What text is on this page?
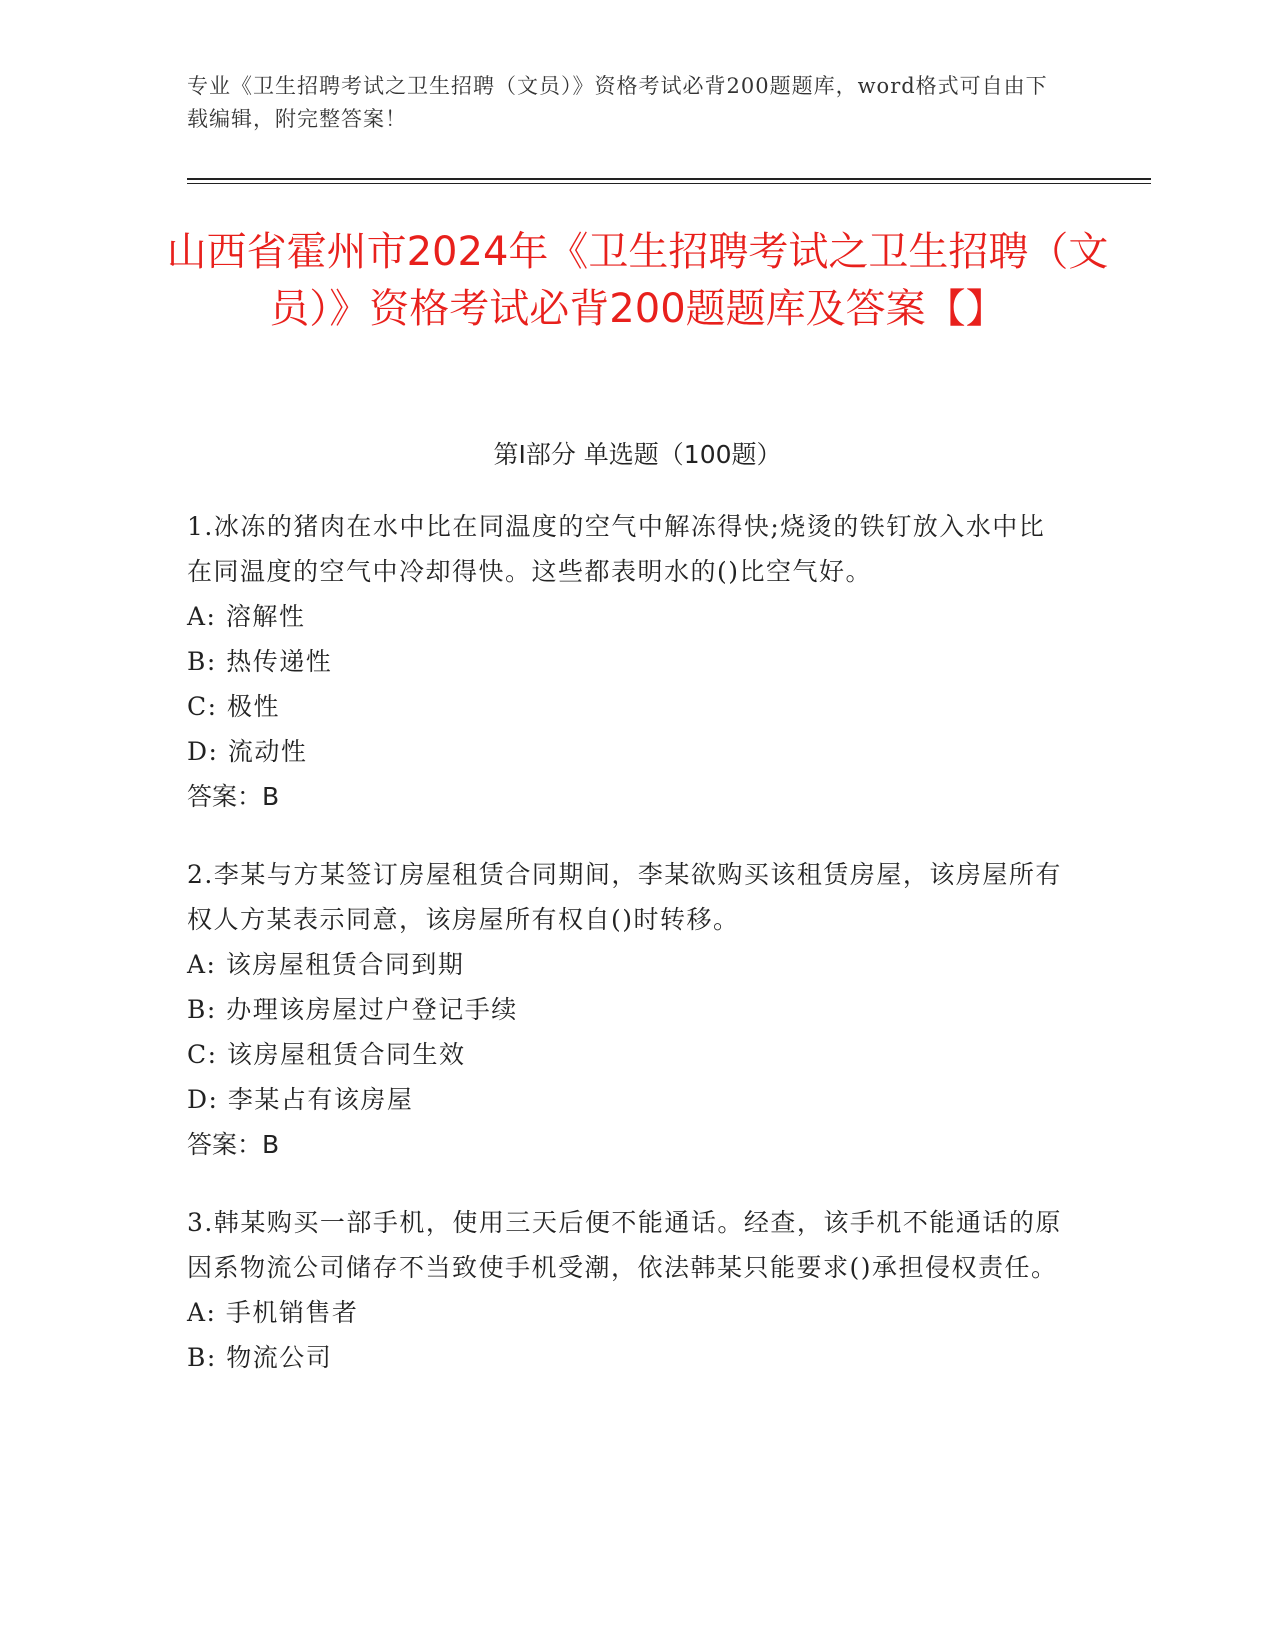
专业《卫生招聘考试之卫生招聘（文员）》资格考试必背200题题库，word格式可自由下载编辑，附完整答案！
山西省霍州市2024年《卫生招聘考试之卫生招聘（文员）》资格考试必背200题题库及答案【】
第I部分 单选题（100题）
1.冰冻的猪肉在水中比在同温度的空气中解冻得快;烧烫的铁钉放入水中比在同温度的空气中冷却得快。这些都表明水的()比空气好。
A: 溶解性
B: 热传递性
C: 极性
D: 流动性
答案：B
2.李某与方某签订房屋租赁合同期间，李某欲购买该租赁房屋，该房屋所有权人方某表示同意，该房屋所有权自()时转移。
A: 该房屋租赁合同到期
B: 办理该房屋过户登记手续
C: 该房屋租赁合同生效
D: 李某占有该房屋
答案：B
3.韩某购买一部手机，使用三天后便不能通话。经查，该手机不能通话的原因系物流公司储存不当致使手机受潮，依法韩某只能要求()承担侵权责任。
A: 手机销售者
B: 物流公司
